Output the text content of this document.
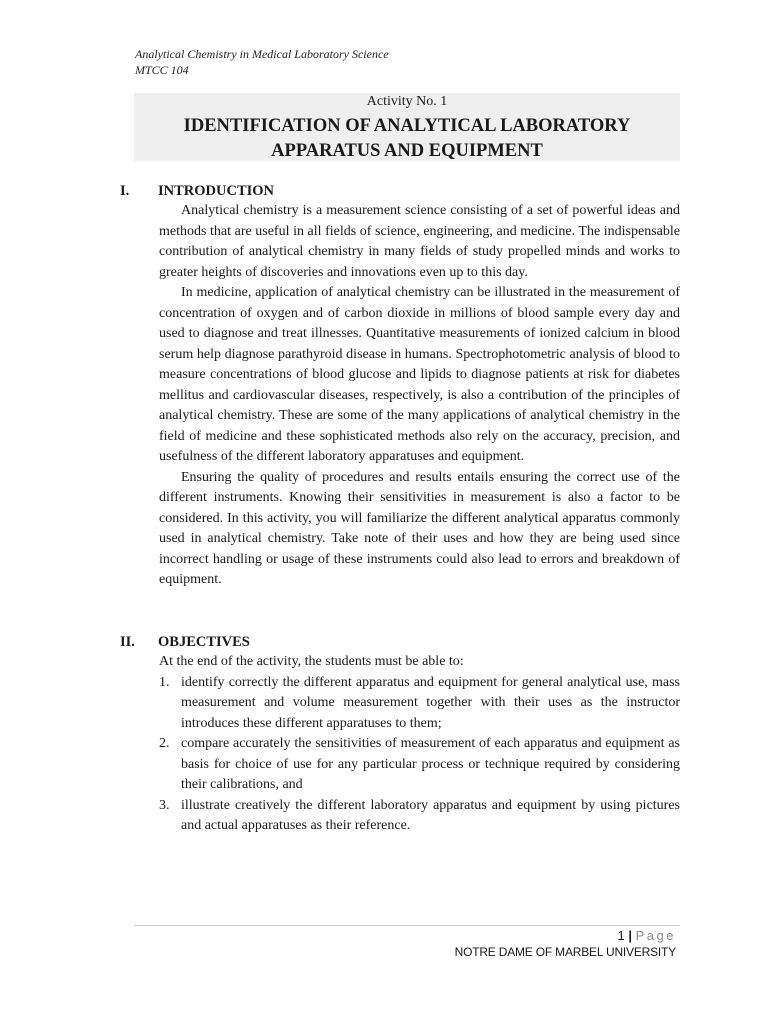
Analytical Chemistry in Medical Laboratory Science
MTCC 104
Activity No. 1
IDENTIFICATION OF ANALYTICAL LABORATORY
APPARATUS AND EQUIPMENT
I.	INTRODUCTION

Analytical chemistry is a measurement science consisting of a set of powerful ideas and methods that are useful in all fields of science, engineering, and medicine. The indispensable contribution of analytical chemistry in many fields of study propelled minds and works to greater heights of discoveries and innovations even up to this day.

In medicine, application of analytical chemistry can be illustrated in the measurement of concentration of oxygen and of carbon dioxide in millions of blood sample every day and used to diagnose and treat illnesses. Quantitative measurements of ionized calcium in blood serum help diagnose parathyroid disease in humans. Spectrophotometric analysis of blood to measure concentrations of blood glucose and lipids to diagnose patients at risk for diabetes mellitus and cardiovascular diseases, respectively, is also a contribution of the principles of analytical chemistry. These are some of the many applications of analytical chemistry in the field of medicine and these sophisticated methods also rely on the accuracy, precision, and usefulness of the different laboratory apparatuses and equipment.

Ensuring the quality of procedures and results entails ensuring the correct use of the different instruments. Knowing their sensitivities in measurement is also a factor to be considered. In this activity, you will familiarize the different analytical apparatus commonly used in analytical chemistry. Take note of their uses and how they are being used since incorrect handling or usage of these instruments could also lead to errors and breakdown of equipment.

II.	OBJECTIVES

At the end of the activity, the students must be able to:

1. identify correctly the different apparatus and equipment for general analytical use, mass measurement and volume measurement together with their uses as the instructor introduces these different apparatuses to them;
2. compare accurately the sensitivities of measurement of each apparatus and equipment as basis for choice of use for any particular process or technique required by considering their calibrations, and
3. illustrate creatively the different laboratory apparatus and equipment by using pictures and actual apparatuses as their reference.
1 | Page
NOTRE DAME OF MARBEL UNIVERSITY
